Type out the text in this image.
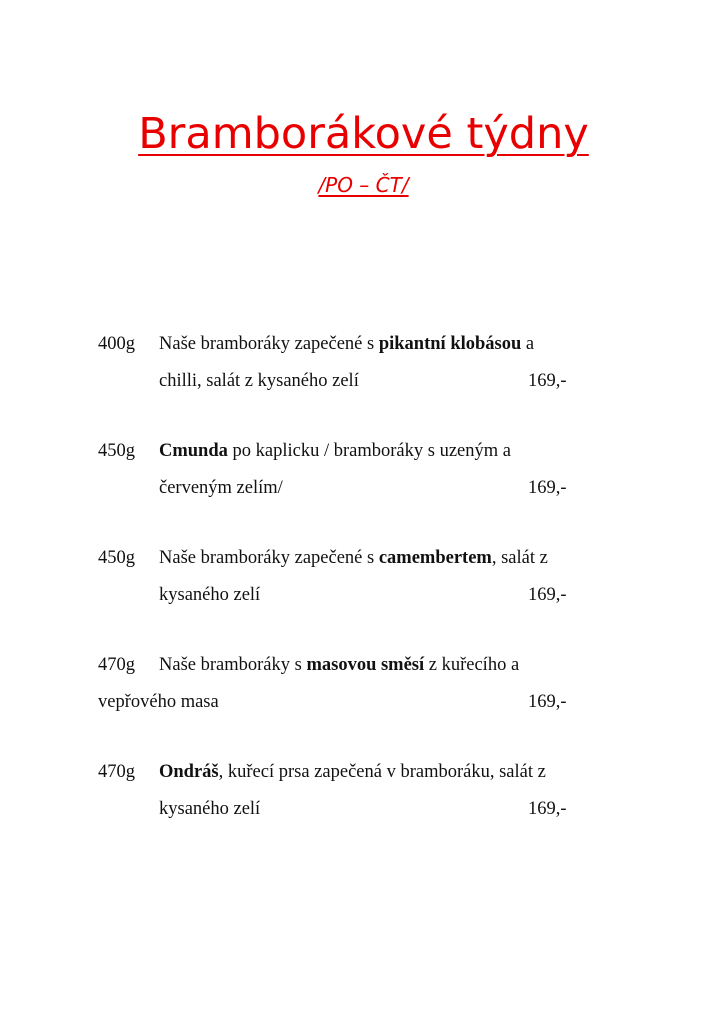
Bramborákové týdny
/PO – ČT/
400g Naše bramboráky zapečené s pikantní klobásou a
chilli, salát z kysaného zelí	169,-
450g Cmunda po kaplicku / bramboráky s uzeným a
červeným zelím/	169,-
450g Naše bramboráky zapečené s camembertem, salát z
kysaného zelí	169,-
470g Naše bramboráky s masovou směsí z kuřecího a
vepřového masa	169,-
470g Ondráš, kuřecí prsa zapečená v bramboráku, salát z
kysaného zelí	169,-
